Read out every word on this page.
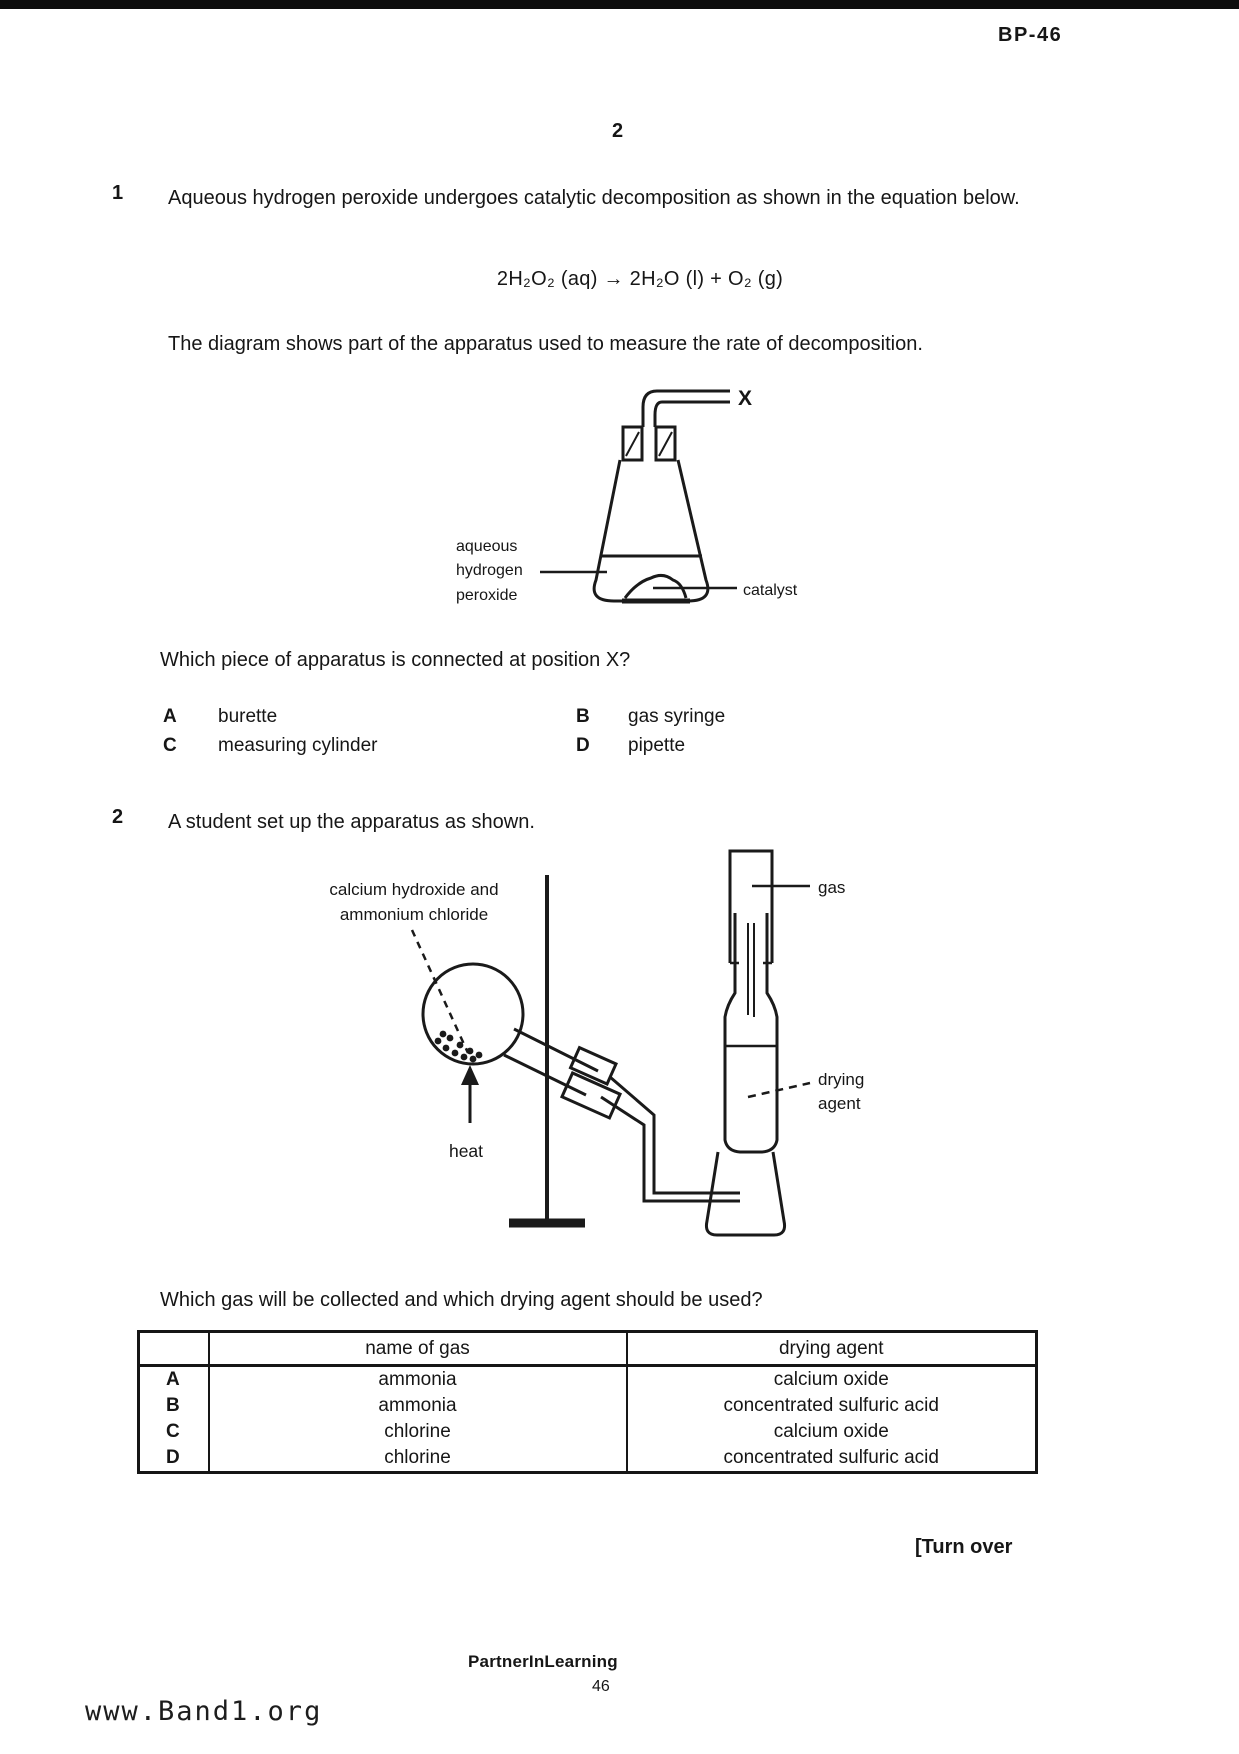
BP-46
2
1 Aqueous hydrogen peroxide undergoes catalytic decomposition as shown in the equation below.
2H₂O₂ (aq) → 2H₂O (l) + O₂ (g)
The diagram shows part of the apparatus used to measure the rate of decomposition.
X
aqueous
hydrogen
peroxide	catalyst
Which piece of apparatus is connected at position X?
A burette	B gas syringe
C measuring cylinder	D pipette
2 A student set up the apparatus as shown.
calcium hydroxide and
ammonium chloride
gas
drying
agent
heat
Which gas will be collected and which drying agent should be used?
	name of gas	drying agent
A	ammonia	calcium oxide
B	ammonia	concentrated sulfuric acid
C	chlorine	calcium oxide
D	chlorine	concentrated sulfuric acid
[Turn over
PartnerInLearning
46
www.Band1.org
